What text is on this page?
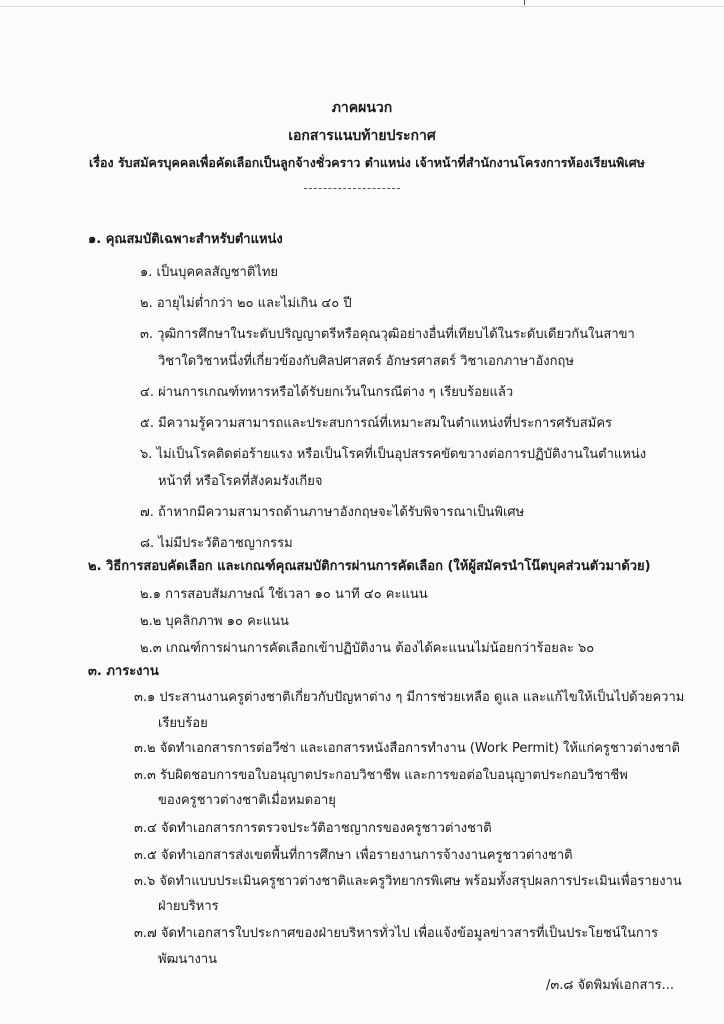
ภาคผนวก
เอกสารแนบท้ายประกาศ
เรื่อง รับสมัครบุคคลเพื่อคัดเลือกเป็นลูกจ้างชั่วคราว ตำแหน่ง เจ้าหน้าที่สำนักงานโครงการห้องเรียนพิเศษ
๑. คุณสมบัติเฉพาะสำหรับตำแหน่ง
๑. เป็นบุคคลสัญชาติไทย
๒. อายุไม่ต่ำกว่า ๒๐ และไม่เกิน ๔๐ ปี
๓. วุฒิการศึกษาในระดับปริญญาตรีหรือคุณวุฒิอย่างอื่นที่เทียบได้ในระดับเดียวกันในสาขา
วิชาใดวิชาหนึ่งที่เกี่ยวข้องกับศิลปศาสตร์ อักษรศาสตร์ วิชาเอกภาษาอังกฤษ
๔. ผ่านการเกณฑ์ทหารหรือได้รับยกเว้นในกรณีต่าง ๆ เรียบร้อยแล้ว
๕. มีความรู้ความสามารถและประสบการณ์ที่เหมาะสมในตำแหน่งที่ประการศรับสมัคร
๖. ไม่เป็นโรคติดต่อร้ายแรง หรือเป็นโรคที่เป็นอุปสรรคขัดขวางต่อการปฏิบัติงานในตำแหน่ง
หน้าที่ หรือโรคที่สังคมรังเกียจ
๗. ถ้าหากมีความสามารถด้านภาษาอังกฤษจะได้รับพิจารณาเป็นพิเศษ
๘. ไม่มีประวัติอาชญากรรม
๒. วิธีการสอบคัดเลือก และเกณฑ์คุณสมบัติการผ่านการคัดเลือก (ให้ผู้สมัครนำโน๊ตบุคส่วนตัวมาด้วย)
๒.๑ การสอบสัมภาษณ์ ใช้เวลา ๑๐ นาที ๔๐ คะแนน
๒.๒ บุคลิกภาพ ๑๐ คะแนน
๒.๓ เกณฑ์การผ่านการคัดเลือกเข้าปฏิบัติงาน ต้องได้คะแนนไม่น้อยกว่าร้อยละ ๖๐
๓. ภาระงาน
๓.๑ ประสานงานครูต่างชาติเกี่ยวกับปัญหาต่าง ๆ มีการช่วยเหลือ ดูแล และแก้ไขให้เป็นไปด้วยความ
เรียบร้อย
๓.๒ จัดทำเอกสารการต่อวีซ่า และเอกสารหนังสือการทำงาน (Work Permit) ให้แก่ครูชาวต่างชาติ
๓.๓ รับผิดชอบการขอใบอนุญาตประกอบวิชาชีพ และการขอต่อใบอนุญาตประกอบวิชาชีพ
ของครูชาวต่างชาติเมื่อหมดอายุ
๓.๔ จัดทำเอกสารการตรวจประวัติอาชญากรของครูชาวต่างชาติ
๓.๕ จัดทำเอกสารส่งเขตพื้นที่การศึกษา เพื่อรายงานการจ้างงานครูชาวต่างชาติ
๓.๖ จัดทำแบบประเมินครูชาวต่างชาติและครูวิทยากรพิเศษ พร้อมทั้งสรุปผลการประเมินเพื่อรายงาน
ฝ่ายบริหาร
๓.๗ จัดทำเอกสารใบประกาศของฝ่ายบริหารทั่วไป เพื่อแจ้งข้อมูลข่าวสารที่เป็นประโยชน์ในการ
พัฒนางาน
/๓.๘ จัดพิมพ์เอกสาร...
